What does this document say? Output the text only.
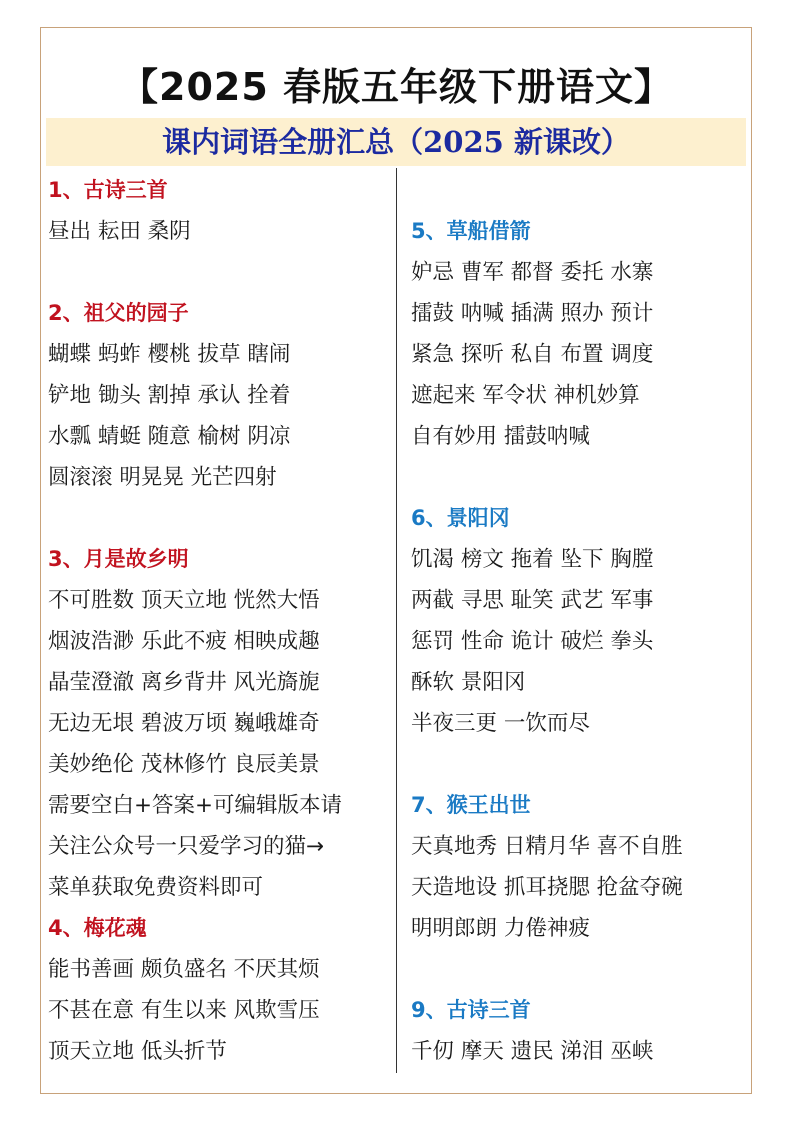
【2025 春版五年级下册语文】
课内词语全册汇总（2025 新课改）
1、古诗三首
昼出 耘田 桑阴
2、祖父的园子
蝴蝶 蚂蚱 樱桃 拔草 瞎闹
铲地 锄头 割掉 承认 拴着
水瓢 蜻蜓 随意 榆树 阴凉
圆滚滚 明晃晃 光芒四射
3、月是故乡明
不可胜数 顶天立地 恍然大悟
烟波浩渺 乐此不疲 相映成趣
晶莹澄澈 离乡背井 风光旖旎
无边无垠 碧波万顷 巍峨雄奇
美妙绝伦 茂林修竹 良辰美景
需要空白+答案+可编辑版本请
关注公众号一只爱学习的猫→
菜单获取免费资料即可
4、梅花魂
能书善画 颇负盛名 不厌其烦
不甚在意 有生以来 风欺雪压
顶天立地 低头折节
5、草船借箭
妒忌 曹军 都督 委托 水寨
擂鼓 呐喊 插满 照办 预计
紧急 探听 私自 布置 调度
遮起来 军令状 神机妙算
自有妙用 擂鼓呐喊
6、景阳冈
饥渴 榜文 拖着 坠下 胸膛
两截 寻思 耻笑 武艺 军事
惩罚 性命 诡计 破烂 拳头
酥软 景阳冈
半夜三更 一饮而尽
7、猴王出世
天真地秀 日精月华 喜不自胜
天造地设 抓耳挠腮 抢盆夺碗
明明郎朗 力倦神疲
9、古诗三首
千仞 摩天 遗民 涕泪 巫峡
